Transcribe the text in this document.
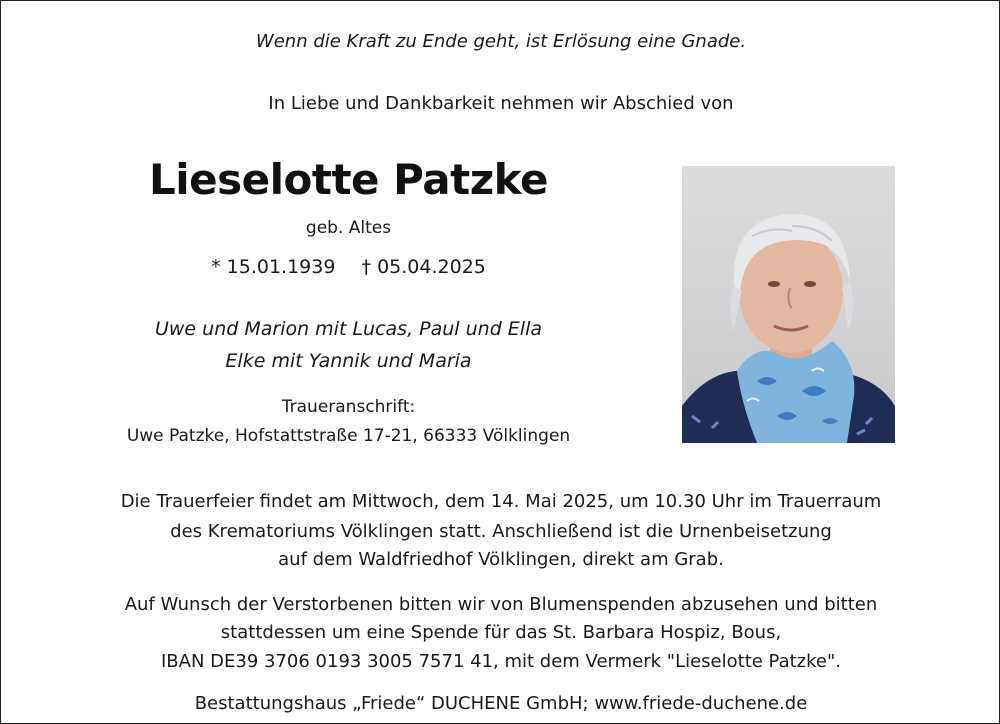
Wenn die Kraft zu Ende geht, ist Erlösung eine Gnade.
In Liebe und Dankbarkeit nehmen wir Abschied von
Lieselotte Patzke
geb. Altes
* 15.01.1939 † 05.04.2025
Uwe und Marion mit Lucas, Paul und Ella
Elke mit Yannik und Maria
Traueranschrift:
Uwe Patzke, Hofstattstraße 17-21, 66333 Völklingen
Die Trauerfeier findet am Mittwoch, dem 14. Mai 2025, um 10.30 Uhr im Trauerraum
des Krematoriums Völklingen statt. Anschließend ist die Urnenbeisetzung
auf dem Waldfriedhof Völklingen, direkt am Grab.
Auf Wunsch der Verstorbenen bitten wir von Blumenspenden abzusehen und bitten
stattdessen um eine Spende für das St. Barbara Hospiz, Bous,
IBAN DE39 3706 0193 3005 7571 41, mit dem Vermerk "Lieselotte Patzke".
Bestattungshaus „Friede“ DUCHENE GmbH; www.friede-duchene.de
